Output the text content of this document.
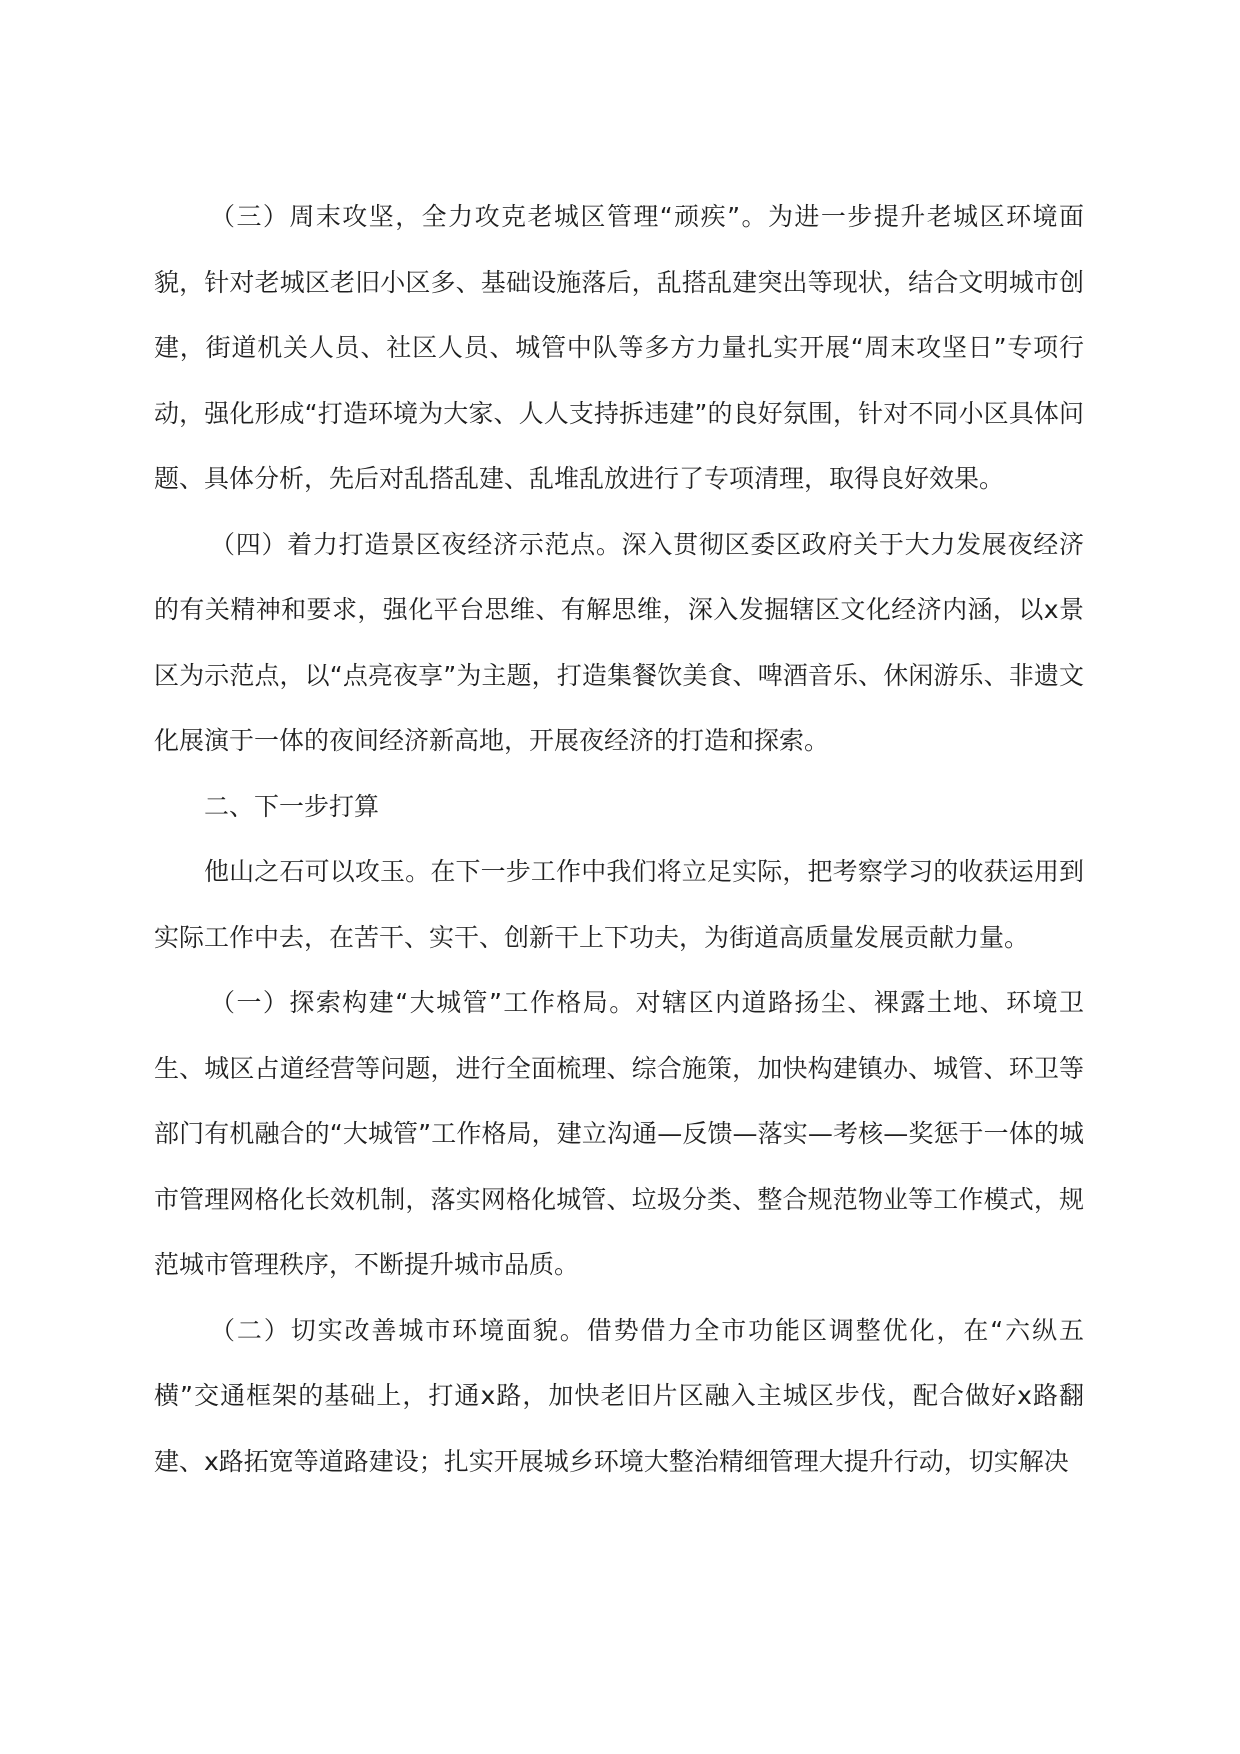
（三）周末攻坚，全力攻克老城区管理“顽疾”。为进一步提升老城区环境面貌，针对老城区老旧小区多、基础设施落后，乱搭乱建突出等现状，结合文明城市创建，街道机关人员、社区人员、城管中队等多方力量扎实开展“周末攻坚日”专项行动，强化形成“打造环境为大家、人人支持拆违建”的良好氛围，针对不同小区具体问题、具体分析，先后对乱搭乱建、乱堆乱放进行了专项清理，取得良好效果。

（四）着力打造景区夜经济示范点。深入贯彻区委区政府关于大力发展夜经济的有关精神和要求，强化平台思维、有解思维，深入发掘辖区文化经济内涵，以x景区为示范点，以“点亮夜享”为主题，打造集餐饮美食、啤酒音乐、休闲游乐、非遗文化展演于一体的夜间经济新高地，开展夜经济的打造和探索。

二、下一步打算

他山之石可以攻玉。在下一步工作中我们将立足实际，把考察学习的收获运用到实际工作中去，在苦干、实干、创新干上下功夫，为街道高质量发展贡献力量。

（一）探索构建“大城管”工作格局。对辖区内道路扬尘、裸露土地、环境卫生、城区占道经营等问题，进行全面梳理、综合施策，加快构建镇办、城管、环卫等部门有机融合的“大城管”工作格局，建立沟通—反馈—落实—考核—奖惩于一体的城市管理网格化长效机制，落实网格化城管、垃圾分类、整合规范物业等工作模式，规范城市管理秩序，不断提升城市品质。

（二）切实改善城市环境面貌。借势借力全市功能区调整优化，在“六纵五横”交通框架的基础上，打通x路，加快老旧片区融入主城区步伐，配合做好x路翻建、x路拓宽等道路建设；扎实开展城乡环境大整治精细管理大提升行动，切实解决
